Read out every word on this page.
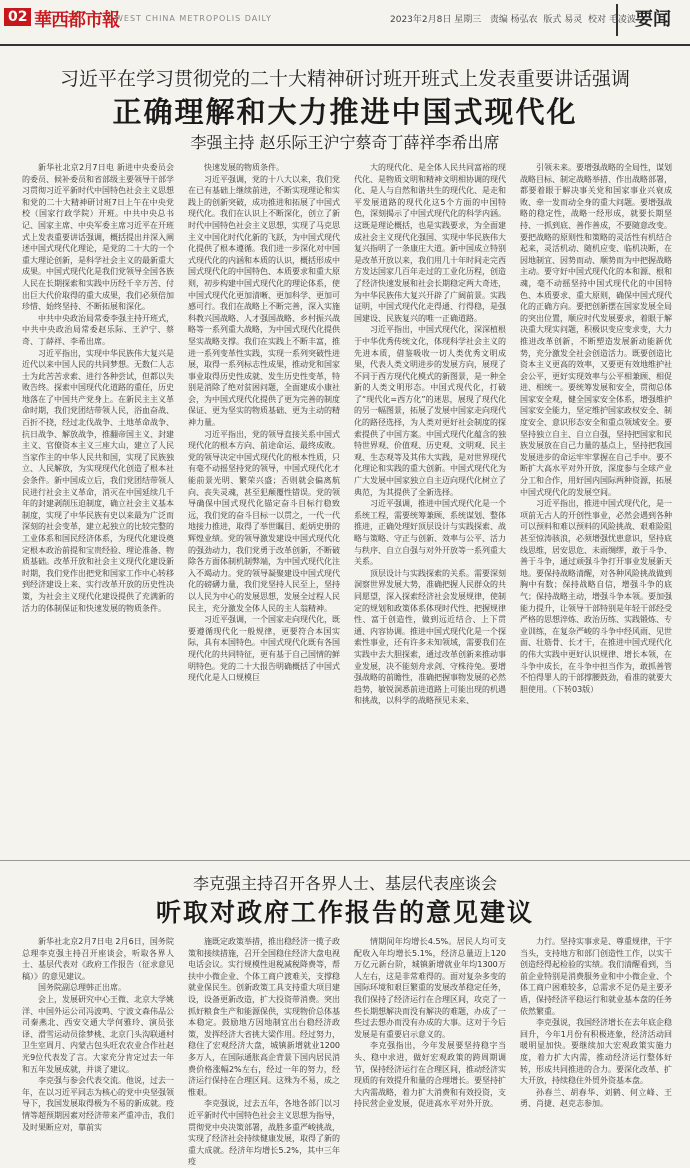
02 華西都市報
WEST CHINA METROPOLIS DAILY	2023年2月8日 星期三 责编 杨弘农 版式 易灵 校对 毛凌波 要闻
习近平在学习贯彻党的二十大精神研讨班开班式上发表重要讲话强调
正确理解和大力推进中国式现代化
李强主持 赵乐际王沪宁蔡奇丁薛祥李希出席

新华社北京2月7日电 新进中央委员会的委员、候补委员和省部级主要领导干部学习贯彻习近平新时代中国特色社会主义思想和党的二十大精神研讨班7日上午在中央党校（国家行政学院）开班。中共中央总书记、国家主席、中央军委主席习近平在开班式上发表重要讲话强调，概括提出并深入阐述中国式现代化理论，是党的二十大的一个重大理论创新，是科学社会主义的最新重大成果。中国式现代化是我们党领导全国各族人民在长期探索和实践中历经千辛万苦、付出巨大代价取得的重大成果，我们必须倍加珍惜、始终坚持、不断拓展和深化。

中共中央政治局常委李强主持开班式，中共中央政治局常委赵乐际、王沪宁、蔡奇、丁薛祥、李希出席。

习近平指出，实现中华民族伟大复兴是近代以来中国人民的共同梦想。无数仁人志士为此苦苦求索、进行各种尝试，但都以失败告终。探索中国现代化道路的重任，历史地落在了中国共产党身上。在新民主主义革命时期，我们党团结带领人民，浴血奋战、百折不挠，经过北伐战争、土地革命战争、抗日战争、解放战争，推翻帝国主义、封建主义、官僚资本主义三座大山，建立了人民当家作主的中华人民共和国，实现了民族独立、人民解放，为实现现代化创造了根本社会条件。新中国成立后，我们党团结带领人民进行社会主义革命，消灭在中国延续几千年的封建剥削压迫制度，确立社会主义基本制度，实现了中华民族有史以来最为广泛而深刻的社会变革，建立起独立的比较完整的工业体系和国民经济体系，为现代化建设奠定根本政治前提和宝贵经验、理论准备、物质基础。改革开放和社会主义现代化建设新时期，我们党作出把党和国家工作中心转移到经济建设上来、实行改革开放的历史性决策，为社会主义现代化建设提供了充满新的活力的体制保证和快速发展的物质条件。

快速发展的物质条件。

习近平强调，党的十八大以来，我们党在已有基础上继续前进，不断实现理论和实践上的创新突破，成功推进和拓展了中国式现代化。我们在认识上不断深化，创立了新时代中国特色社会主义思想，实现了马克思主义中国化时代化新的飞跃，为中国式现代化提供了根本遵循。我们进一步深化对中国式现代化的内涵和本质的认识，概括形成中国式现代化的中国特色、本质要求和重大原则，初步构建中国式现代化的理论体系，使中国式现代化更加清晰、更加科学、更加可感可行。我们在战略上不断完善，深入实施科教兴国战略、人才强国战略、乡村振兴战略等一系列重大战略，为中国式现代化提供坚实战略支撑。我们在实践上不断丰富，推进一系列变革性实践，实现一系列突破性进展，取得一系列标志性成果，推动党和国家事业取得历史性成就、发生历史性变革，特别是消除了绝对贫困问题，全面建成小康社会，为中国式现代化提供了更为完善的制度保证、更为坚实的物质基础、更为主动的精神力量。

习近平指出，党的领导直接关系中国式现代化的根本方向、前途命运、最终成败。党的领导决定中国式现代化的根本性质，只有毫不动摇坚持党的领导，中国式现代化才能前景光明、繁荣兴盛；否则就会偏离航向、丧失灵魂，甚至犯颠覆性错误。党的领导确保中国式现代化锚定奋斗目标行稳致远，我们党的奋斗目标一以贯之，一代一代地接力推进，取得了举世瞩目、彪炳史册的辉煌业绩。党的领导激发建设中国式现代化的强劲动力，我们党勇于改革创新，不断破除各方面体制机制弊端，为中国式现代化注入不竭动力。党的领导凝聚建设中国式现代化的磅礴力量，我们党坚持人民至上，坚持以人民为中心的发展思想，发展全过程人民民主，充分激发全体人民的主人翁精神。

习近平强调，一个国家走向现代化，既要遵循现代化一般规律，更要符合本国实际，具有本国特色。中国式现代化既有各国现代化的共同特征，更有基于自己国情的鲜明特色。党的二十大报告明确概括了中国式现代化是人口规模巨

大的现代化、是全体人民共同富裕的现代化、是物质文明和精神文明相协调的现代化、是人与自然和谐共生的现代化、是走和平发展道路的现代化这5个方面的中国特色，深刻揭示了中国式现代化的科学内涵。这既是理论概括，也是实践要求，为全面建成社会主义现代化强国、实现中华民族伟大复兴指明了一条康庄大道。新中国成立特别是改革开放以来，我们用几十年时间走完西方发达国家几百年走过的工业化历程，创造了经济快速发展和社会长期稳定两大奇迹，为中华民族伟大复兴开辟了广阔前景。实践证明，中国式现代化走得通、行得稳，是强国建设、民族复兴的唯一正确道路。

习近平指出，中国式现代化，深深植根于中华优秀传统文化，体现科学社会主义的先进本质，借鉴吸收一切人类优秀文明成果，代表人类文明进步的发展方向，展现了不同于西方现代化模式的新图景，是一种全新的人类文明形态。中国式现代化，打破了“现代化=西方化”的迷思，展现了现代化的另一幅图景，拓展了发展中国家走向现代化的路径选择，为人类对更好社会制度的探索提供了中国方案。中国式现代化蕴含的独特世界观、价值观、历史观、文明观、民主观、生态观等及其伟大实践，是对世界现代化理论和实践的重大创新。中国式现代化为广大发展中国家独立自主迈向现代化树立了典范，为其提供了全新选择。

习近平强调，推进中国式现代化是一个系统工程，需要统筹兼顾、系统谋划、整体推进，正确处理好顶层设计与实践探索、战略与策略、守正与创新、效率与公平、活力与秩序、自立自强与对外开放等一系列重大关系。

顶层设计与实践探索的关系。需要深刻洞察世界发展大势，准确把握人民群众的共同愿望，深入探索经济社会发展规律，使制定的规划和政策体系体现时代性、把握规律性、富于创造性，做到远近结合、上下贯通、内容协调。推进中国式现代化是一个探索性事业，还有许多未知领域，需要我们在实践中去大胆探索，通过改革创新来推动事业发展，决不能刻舟求剑、守株待兔。要增强战略的前瞻性，准确把握事物发展的必然趋势，敏锐洞悉前进道路上可能出现的机遇和挑战，以科学的战略预见未来、

引领未来。要增强战略的全局性，谋划战略目标、制定战略举措、作出战略部署，都要着眼于解决事关党和国家事业兴衰成败、牵一发而动全身的重大问题。要增强战略的稳定性，战略一经形成，就要长期坚持、一抓到底、善作善成，不要随意改变。要把战略的原则性和策略的灵活性有机结合起来，灵活机动、随机应变、临机决断，在因地制宜、因势而动、顺势而为中把握战略主动。要守好中国式现代化的本和源、根和魂，毫不动摇坚持中国式现代化的中国特色、本质要求、重大原则，确保中国式现代化的正确方向。要把创新摆在国家发展全局的突出位置，顺应时代发展要求，着眼于解决重大现实问题，积极识变应变求变，大力推进改革创新，不断塑造发展新动能新优势，充分激发全社会创造活力。既要创造比资本主义更高的效率，又要更有效地维护社会公平，更好实现效率与公平相兼顾、相促进、相统一。要统筹发展和安全，贯彻总体国家安全观，健全国家安全体系，增强维护国家安全能力，坚定维护国家政权安全、制度安全、意识形态安全和重点领域安全。要坚持独立自主、自立自强，坚持把国家和民族发展放在自己力量的基点上，坚持把我国发展进步的命运牢牢掌握在自己手中。要不断扩大高水平对外开放，深度参与全球产业分工和合作，用好国内国际两种资源，拓展中国式现代化的发展空间。

习近平指出，推进中国式现代化，是一项前无古人的开创性事业，必然会遇到各种可以预料和难以预料的风险挑战、艰难险阻甚至惊涛骇浪，必须增强忧患意识，坚持底线思维，居安思危、未雨绸缪，敢于斗争、善于斗争，通过顽强斗争打开事业发展新天地。要保持战略清醒，对各种风险挑战做到胸中有数；保持战略自信，增强斗争的底气；保持战略主动，增强斗争本领。要加强能力提升，让领导干部特别是年轻干部经受严格的思想淬炼、政治历练、实践锻炼、专业训练，在复杂严峻的斗争中经风雨、见世面、壮筋骨、长才干，在推进中国式现代化的伟大实践中更好认识规律、增长本领，在斗争中成长，在斗争中担当作为，敢抓善管不怕得罪人的干部撑腰鼓劲，看准的就要大胆使用。（下转03版）

李克强主持召开各界人士、基层代表座谈会
听取对政府工作报告的意见建议

新华社北京2月7日电 2月6日，国务院总理李克强主持召开座谈会，听取各界人士、基层代表对《政府工作报告（征求意见稿）》的意见建议。

国务院副总理韩正出席。

会上，发展研究中心王微、北京大学姚洋、中国外运公司冯波鸣、宁波文森伟品公司秦燕北、西安交通大学何雅玲、演员张译、滑雪运动员徐梦桃、北京门头沟联通村卫生室周月、内蒙古包头旺农农业合作社赵光9位代表发了言。大家充分肯定过去一年和五年发展成就，并谈了建议。

李克强与参会代表交流。他说，过去一年，在以习近平同志为核心的党中央坚强领导下，我国发展取得极为不易的新成就。疫情等超预期因素对经济带来严重冲击，我们及时果断应对，靠前实

施既定政策举措，推出稳经济一揽子政策和接续措施，召开全国稳住经济大盘电视电话会议。实行规模性退税减税降费等，帮扶中小微企业、个体工商户渡难关，支撑稳就业保民生。创新政策工具支持重大项目建设，设备更新改造，扩大投资带消费。突出抓好粮食生产和能源保供，实现物价总体基本稳定。鼓励地方因地制宜出台稳经济政策，发挥经济大省挑大梁作用。经过努力，稳住了宏观经济大盘，城镇新增就业1200多万人，在国际通胀高企背景下国内居民消费价格涨幅2%左右，经过一年的努力，经济运行保持在合理区间。这殊为不易，成之惟艰。

李克强说，过去五年，各地各部门以习近平新时代中国特色社会主义思想为指导，贯彻党中央决策部署，战胜多重严峻挑战，实现了经济社会持续健康发展，取得了新的重大成就。经济年均增长5.2%，其中三年疫

情期间年均增长4.5%。居民人均可支配收入年均增长5.1%，经济总量迈上120万亿元新台阶，城镇新增就业年均1300万人左右，这是非常难得的。面对复杂多变的国际环境和艰巨繁重的发展改革稳定任务，我们保持了经济运行在合理区间，攻克了一些长期想解决而没有解决的难题，办成了一些过去想办而没有办成的大事。这对于今后发展是有重要启示意义的。

李克强指出，今年发展要坚持稳字当头、稳中求进，做好宏观政策的跨周期调节，保持经济运行在合理区间，推动经济实现质的有效提升和量的合理增长。要坚持扩大内需战略，着力扩大消费和有效投资，支持民营企业发展，促进高水平对外开放。

力行。坚持实事求是、尊重规律，干字当头，支持地方和部门创造性工作，以实干创造经得起检验的实绩。我们清醒看到，当前企业特别是消费服务业和中小微企业、个体工商户困难较多，总需求不足仍是主要矛盾，保持经济平稳运行和就业基本盘的任务依然繁重。

李克强说，我国经济增长在去年底企稳回升，今年1月份有积极迹象，经济活动回暖明显加快。要继续加大宏观政策实施力度，着力扩大内需，推动经济运行整体好转，形成共同推进的合力。要深化改革、扩大开放，持续稳住外贸外资基本盘。

孙春兰、胡春华、刘鹤、何立峰、王勇、肖捷、赵克志参加。
